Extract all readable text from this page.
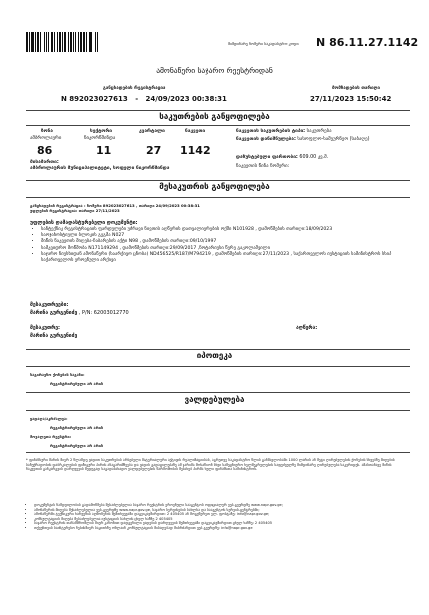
მიმდინარე ნომერი საკადასტრო კოდი N 86.11.27.1142
ამონაწერი საჯარო რეესტრიდან
განცხადების რეგისტრაცია
N 892023027613 - 24/09/2023 00:38:31
მომზადების თარიღი
27/11/2023 15:50:42
საკუთრების განყოფილება
ზონა
ამბროლაური
86
სექტორი
ნიკორწმინდა
11
კვარტალი
27
ნაკვეთი
1142
მისამართი:
ამბროლაურის მუნიციპალიტეტი, სოფელი ნიკორწმინდა
ნაკვეთის საკუთრების ტიპი: საკუთრება
ნაკვეთის დანიშნულება: სასოფლო-სამეურნეო (საბაღე)
დაზუსტებული ფართობი: 609.00 კვ.მ.
ნაკვეთის წინა ნომერი:
მესაკუთრის განყოფილება
განცხადების რეგისტრაცია : ნომერი 892023027613 , თარიღი 24/09/2023 00:38:31
უფლების რეგისტრაცია: თარიღი 27/11/2023
უფლების დამადასტურებელი დოკუმენტი:
• სანტექნიკ რეგისტრაციის ფარდულები უძრავი ნივთის აღწერის დათვალიერების ოქმი N101928 , დამოწმების თარიღი:18/09/2023
• საოჯახოსტიული ბლოკის გეგმა N027
• მიწის ნაკვეთის მიღება-ჩაბარების აქტი N98 , დამოწმების თარიღი:09/10/1997
• სამკვიდრო მოწმობა N171149294 , დამოწმების თარიღი:29/09/2017 ,ნოტარიუსი წერე გაკოლამვილი
• საჯარო ნიუსხიდან ამონაწერი (საარქივო ცნობა) ND456525/R187/M794219 , დამოწმების თარიღი:27/11/2023 , საქართველოს იუსტიციის სამინისტროს სსიპ საქართველოს ეროვნული არქივი
მესაკუთრეები:
მარინა გურგენიძე , P/N: 62003012770
მესაკუთრე:	აღწერა:
მარინა გურგენიძე
იპოთეკა
საგირავნო ქონების საგანი:
რეგისტრირებული არ არის
ვალდებულება
ყადაღა/აკრძალვა:
რეგისტრირებული არ არის
მოვალეთა რეესტრი:
რეგისტრირებული არ არის
* ფინანსური მარის მიერ 2 წლამდე ვადით საკუთრების არსებული მატერიალური აქტივის რეალიზაციისას, აგრეთვე საკადასტრო წლის განმავლობაში 1000 ლარის ან მეტი ღირებულების ქონების სხვებზე მიღების საჩუქრადობის დაბრკალების ფიზიკური პირის ანაგარიშზეება და ვადის გადაცილებაზე ამ ჯარიმა მოსაწიონ სხვი სამეცნიერო ხელშეკრულების საფუძველზე მიმდინარე ღირებულება საკვრიდეს. ამასთანავე მიწის ნაკვეთის განკარგვის დარღვევის შედეგად საგადასახადო ვალდებულების წარმოშობის შესახებ პირმა ხელი ფინანსთა სამინისტროს.
• დოკუმენტის ნამდვილობის გადამოწმება შესაძლებელია საჯარო რეესტრის ეროვნული სააგენტოს ოფიციალურ ვებ-გვერდზე www.napr.gov.ge;
• ამონაწერის მიღება შესაძლებელია ვებ-გვერდზე www.napr.gov.ge, საჯარო სერვისების სახლსა და სააგენტოს სერვის-ცენტრებში;
• ამონაწერში ტექნიკური ხარვეზის აღმოჩენის შემთხვევაში დაგვიკავშირდით: 2 405405 ან მოგვწერეთ ელ. ფოსტაზე: info@napr.gov.ge;
• კონსულტაციის მიღება შესაძლებელია იუსტიციის სახლის ცხელ ხაზზე 2 405405
• საჯარო რეესტრის თანამშრომლის მიერ კანონით დადგენილი ვადების დარღვევის შემთხვევაში დაგვიკავშირდით ცხელ ხაზზე: 2 405405
• თქვენთვის საინტერესო ნებისმიერ საკითხზე ონლაინ კონსულტაციის მისაღებად მიბრძანდით ვებ-გვერდზე: info@napr.gov.ge
